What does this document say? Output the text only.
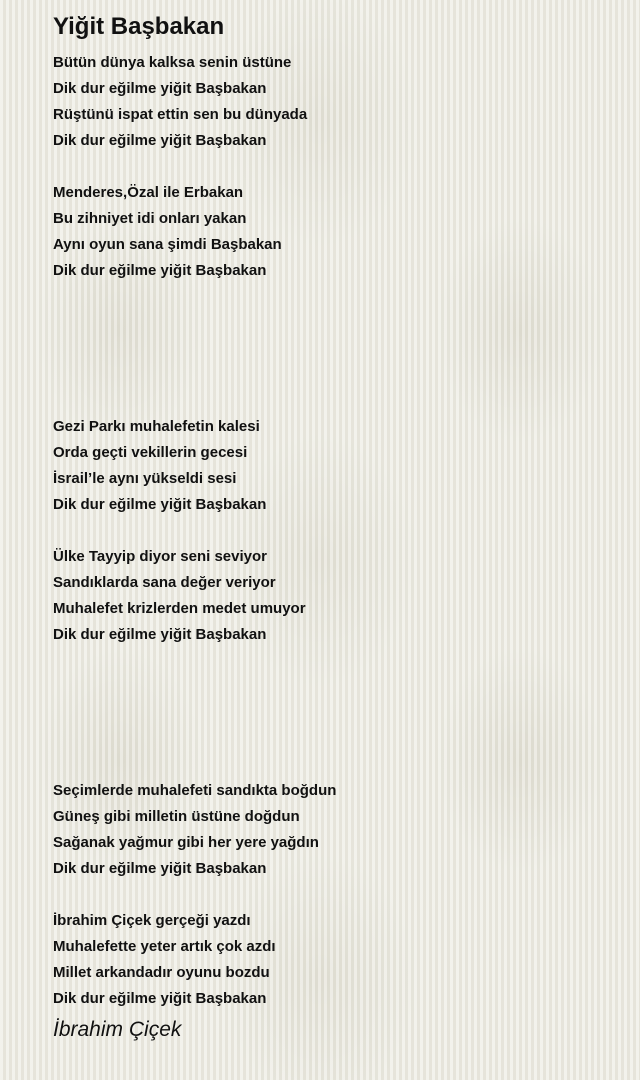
Yiğit Başbakan
Bütün dünya kalksa senin üstüne
Dik dur eğilme yiğit Başbakan
Rüştünü ispat ettin sen bu dünyada
Dik dur eğilme yiğit Başbakan
Menderes,Özal ile Erbakan
Bu zihniyet idi onları yakan
Aynı oyun sana şimdi Başbakan
Dik dur eğilme yiğit Başbakan
Gezi Parkı muhalefetin kalesi
Orda geçti vekillerin gecesi
İsrail’le aynı yükseldi sesi
Dik dur eğilme yiğit Başbakan
Ülke Tayyip diyor seni seviyor
Sandıklarda sana değer veriyor
Muhalefet krizlerden medet umuyor
Dik dur eğilme yiğit Başbakan
Seçimlerde muhalefeti sandıkta boğdun
Güneş gibi milletin üstüne doğdun
Sağanak yağmur gibi her yere yağdın
Dik dur eğilme yiğit Başbakan
İbrahim Çiçek gerçeği yazdı
Muhalefette yeter artık çok azdı
Millet arkandadır oyunu bozdu
Dik dur eğilme yiğit Başbakan
İbrahim Çiçek
